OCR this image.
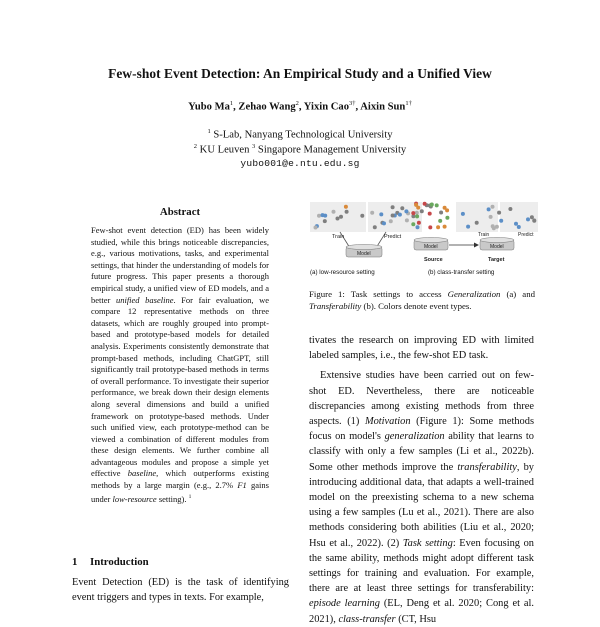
Few-shot Event Detection: An Empirical Study and a Unified View
Yubo Ma$^1$, Zehao Wang$^2$, Yixin Cao$^{3\dagger}$, Aixin Sun$^{1\dagger}$
$^1$ S-Lab, Nanyang Technological University
$^2$ KU Leuven $^3$ Singapore Management University
yubo001@e.ntu.edu.sg
Abstract
Few-shot event detection (ED) has been widely studied, while this brings noticeable discrepancies, e.g., various motivations, tasks, and experimental settings, that hinder the understanding of models for future progress. This paper presents a thorough empirical study, a unified view of ED models, and a better unified baseline. For fair evaluation, we compare 12 representative methods on three datasets, which are roughly grouped into prompt-based and prototype-based models for detailed analysis. Experiments consistently demonstrate that prompt-based methods, including ChatGPT, still significantly trail prototype-based methods in terms of overall performance. To investigate their superior performance, we break down their design elements along several dimensions and build a unified framework on prototype-based methods. Under such unified view, each prototype-method can be viewed a combination of different modules from these design elements. We further combine all advantageous modules and propose a simple yet effective baseline, which outperforms existing methods by a large margin (e.g., 2.7% F1 gains under low-resource setting). $^1$
1 Introduction
Event Detection (ED) is the task of identifying event triggers and types in texts. For example,
Train	Predict
Model
(a) low-resource setting
Model	Model
Train	Predict
Source	Target
(b) class-transfer setting
Figure 1: Task settings to access Generalization (a) and Transferability (b). Colors denote event types.

tivates the research on improving ED with limited labeled samples, i.e., the few-shot ED task.

Extensive studies have been carried out on few-shot ED. Nevertheless, there are noticeable discrepancies among existing methods from three aspects. (1) Motivation (Figure 1): Some methods focus on model's generalization ability that learns to classify with only a few samples (Li et al., 2022b). Some other methods improve the transferability, by introducing additional data, that adapts a well-trained model on the preexisting schema to a new schema using a few samples (Lu et al., 2021). There are also methods considering both abilities (Liu et al., 2020; Hsu et al., 2022). (2) Task setting: Even focusing on the same ability, methods might adopt different task settings for training and evaluation. For example, there are at least three settings for transferability: episode learning (EL, Deng et al. 2020; Cong et al. 2021), class-transfer (CT, Hsu
